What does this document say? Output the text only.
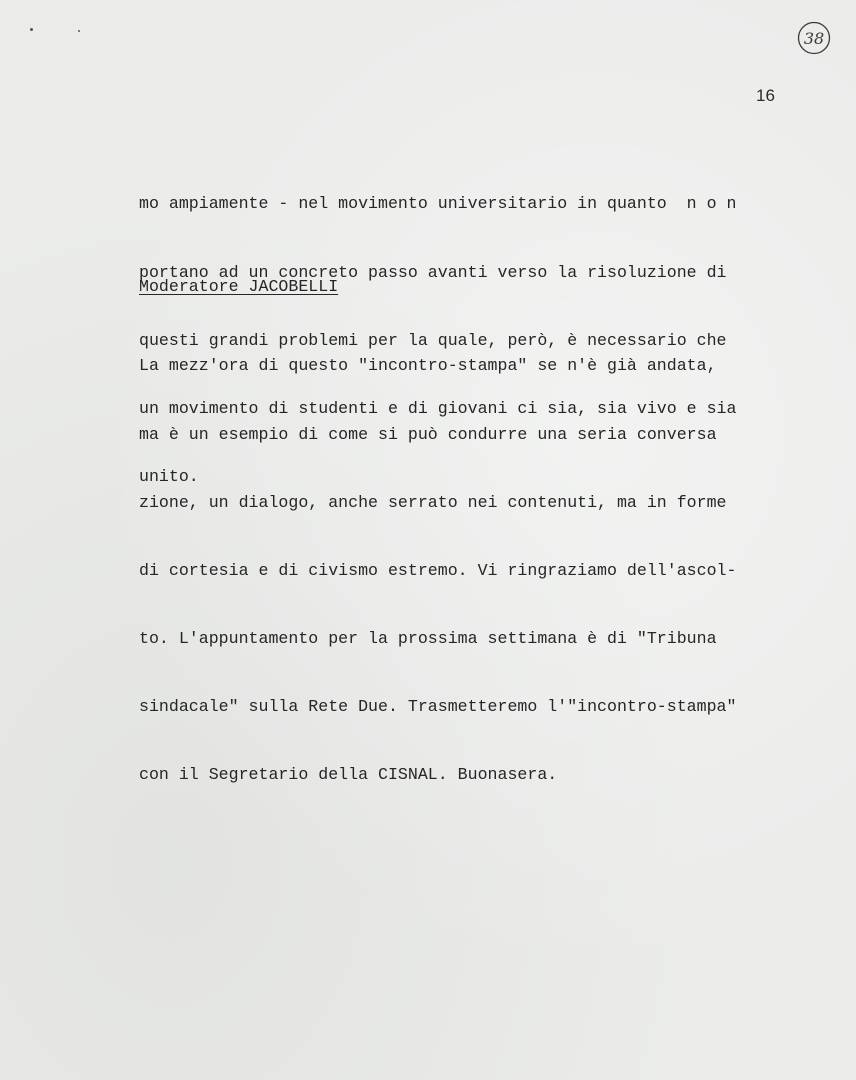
38
16

mo ampiamente - nel movimento universitario in quanto  n o n

portano ad un concreto passo avanti verso la risoluzione di

questi grandi problemi per la quale, però, è necessario che

un movimento di studenti e di giovani ci sia, sia vivo e sia

unito.

Moderatore JACOBELLI

La mezz'ora di questo "incontro-stampa" se n'è già andata,

ma è un esempio di come si può condurre una seria conversa

zione, un dialogo, anche serrato nei contenuti, ma in forme

di cortesia e di civismo estremo. Vi ringraziamo dell'ascol-

to. L'appuntamento per la prossima settimana è di "Tribuna

sindacale" sulla Rete Due. Trasmetteremo l'"incontro-stampa"

con il Segretario della CISNAL. Buonasera.
